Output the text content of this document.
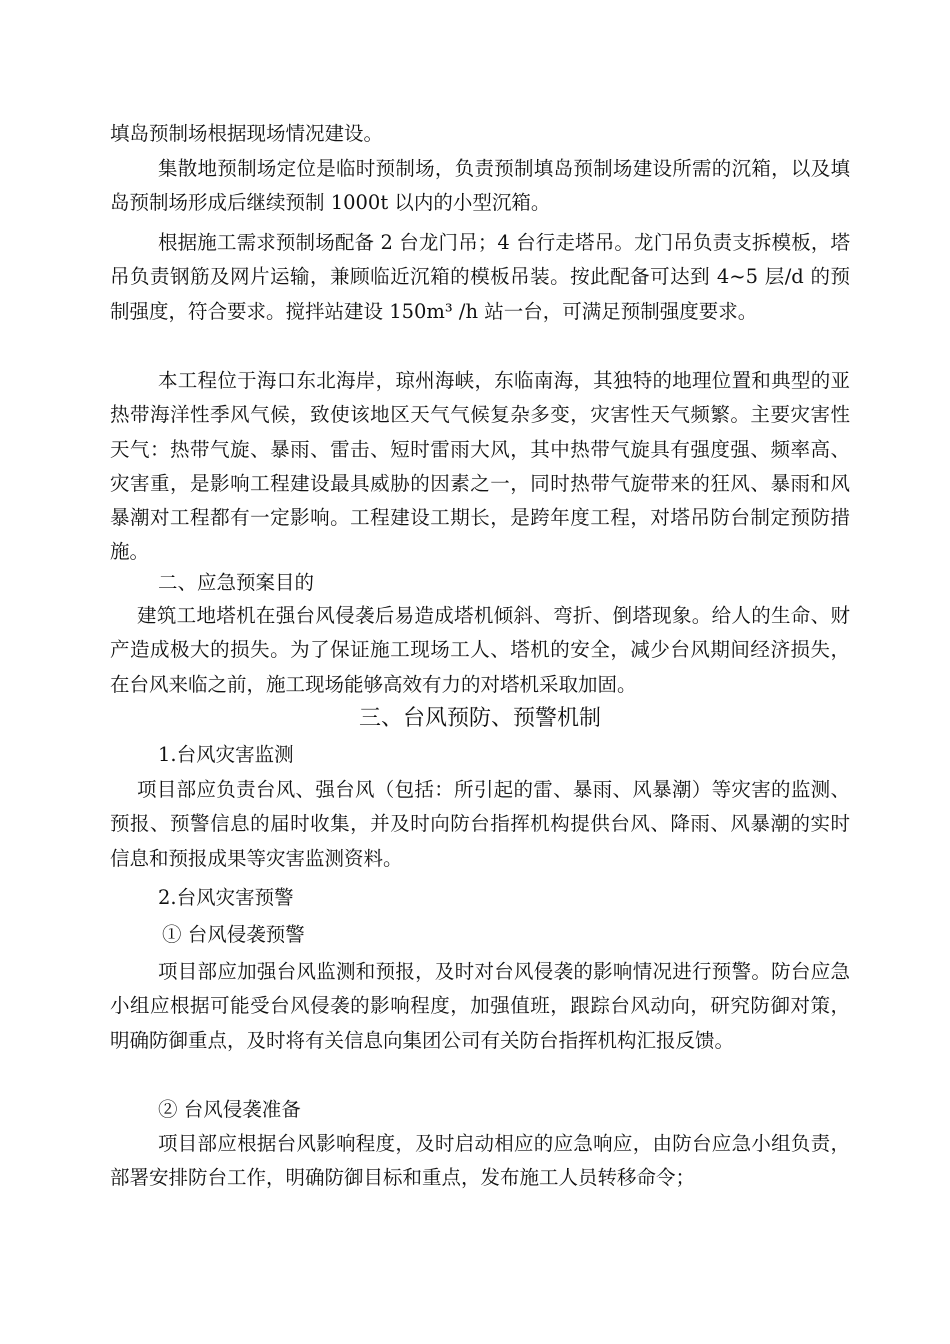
填岛预制场根据现场情况建设。

集散地预制场定位是临时预制场，负责预制填岛预制场建设所需的沉箱，以及填岛预制场形成后继续预制 1000t 以内的小型沉箱。

根据施工需求预制场配备 2 台龙门吊；4 台行走塔吊。龙门吊负责支拆模板，塔吊负责钢筋及网片运输，兼顾临近沉箱的模板吊装。按此配备可达到 4~5 层/d 的预制强度，符合要求。搅拌站建设 150m³ /h 站一台，可满足预制强度要求。

本工程位于海口东北海岸，琼州海峡，东临南海，其独特的地理位置和典型的亚热带海洋性季风气候，致使该地区天气气候复杂多变，灾害性天气频繁。主要灾害性天气：热带气旋、暴雨、雷击、短时雷雨大风，其中热带气旋具有强度强、频率高、灾害重，是影响工程建设最具威胁的因素之一，同时热带气旋带来的狂风、暴雨和风暴潮对工程都有一定影响。工程建设工期长，是跨年度工程，对塔吊防台制定预防措施。

二、应急预案目的

建筑工地塔机在强台风侵袭后易造成塔机倾斜、弯折、倒塔现象。给人的生命、财产造成极大的损失。为了保证施工现场工人、塔机的安全，减少台风期间经济损失，在台风来临之前，施工现场能够高效有力的对塔机采取加固。

三、台风预防、预警机制

1.台风灾害监测

项目部应负责台风、强台风（包括：所引起的雷、暴雨、风暴潮）等灾害的监测、预报、预警信息的届时收集，并及时向防台指挥机构提供台风、降雨、风暴潮的实时信息和预报成果等灾害监测资料。

2.台风灾害预警

① 台风侵袭预警

项目部应加强台风监测和预报，及时对台风侵袭的影响情况进行预警。防台应急小组应根据可能受台风侵袭的影响程度，加强值班，跟踪台风动向，研究防御对策，明确防御重点，及时将有关信息向集团公司有关防台指挥机构汇报反馈。

② 台风侵袭准备

项目部应根据台风影响程度，及时启动相应的应急响应，由防台应急小组负责，部署安排防台工作，明确防御目标和重点，发布施工人员转移命令；
